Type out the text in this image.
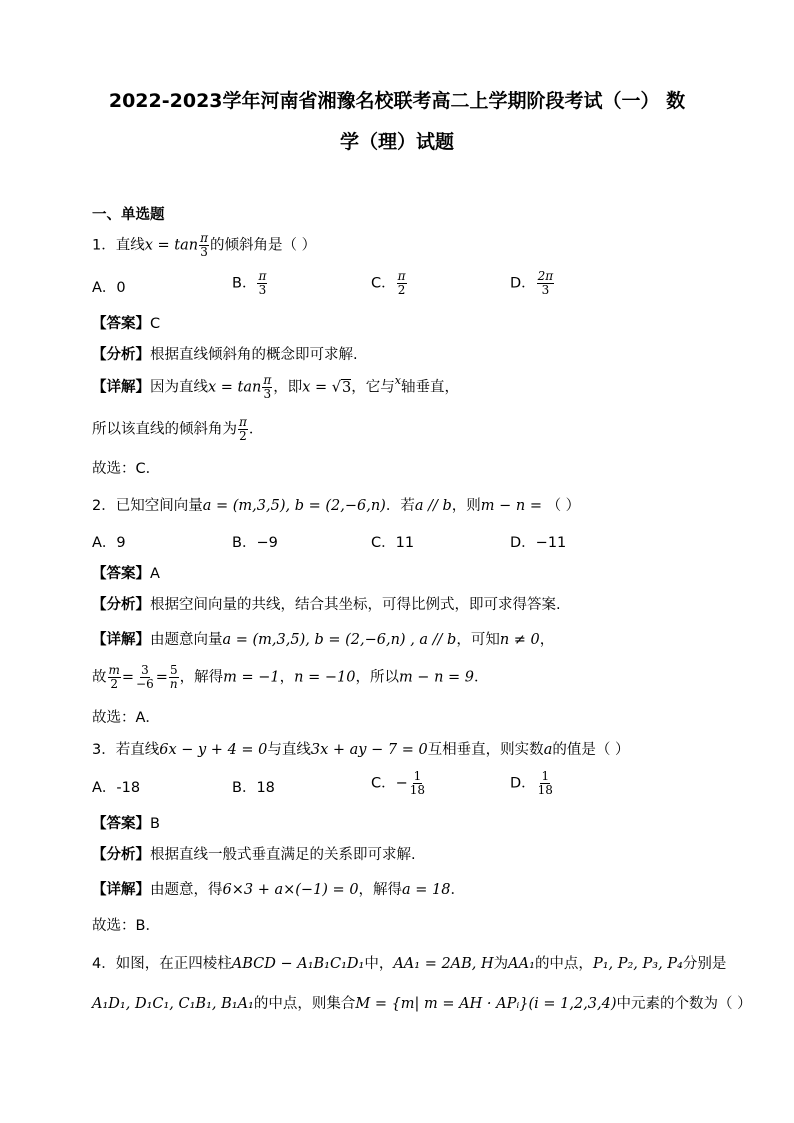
2022-2023学年河南省湘豫名校联考高二上学期阶段考试（一） 数
学（理）试题
一、单选题
1．直线$x = \tan \frac{\pi}{3}$ 的倾斜角是（ ）
A．0	B． $\frac{\pi}{3}$	C． $\frac{\pi}{2}$	D． $\frac{2\pi}{3}$
【答案】C
【分析】根据直线倾斜角的概念即可求解.
【详解】因为直线$x = \tan \frac{\pi}{3}$ ，即x = √3，它与$^x$轴垂直，
所以该直线的倾斜角为 $\frac{\pi}{2}$ ．
故选：C．
2．已知空间向量a = (m,3,5), b = (2,−6,n)．若a // b，则m − n = （ ）
A．9	B．−9	C．11	D．−11
【答案】A
【分析】根据空间向量的共线，结合其坐标，可得比例式，即可求得答案.
【详解】由题意向量a = (m,3,5), b = (2,−6,n) , a // b，可知n ≠ 0，
故 $\frac{m}{2} = \frac{3}{-6} = \frac{5}{n}$ ，解得m = −1，n = −10，所以m − n = 9．
故选：A．
3．若直线6x − y + 4 = 0与直线3x + ay − 7 = 0互相垂直，则实数a的值是（ ）
A．-18	B．18	C．− $\frac{1}{18}$	D． $\frac{1}{18}$
【答案】B
【分析】根据直线一般式垂直满足的关系即可求解.
【详解】由题意，得6×3 + a×(−1) = 0，解得a = 18．
故选：B．
4．如图，在正四棱柱ABCD − A₁B₁C₁D₁中，AA₁ = 2AB, H为AA₁的中点，P₁, P₂, P₃, P₄分别是
A₁D₁, D₁C₁, C₁B₁, B₁A₁的中点，则集合M = {m| m = AH · APᵢ}(i = 1,2,3,4)中元素的个数为（ ）
